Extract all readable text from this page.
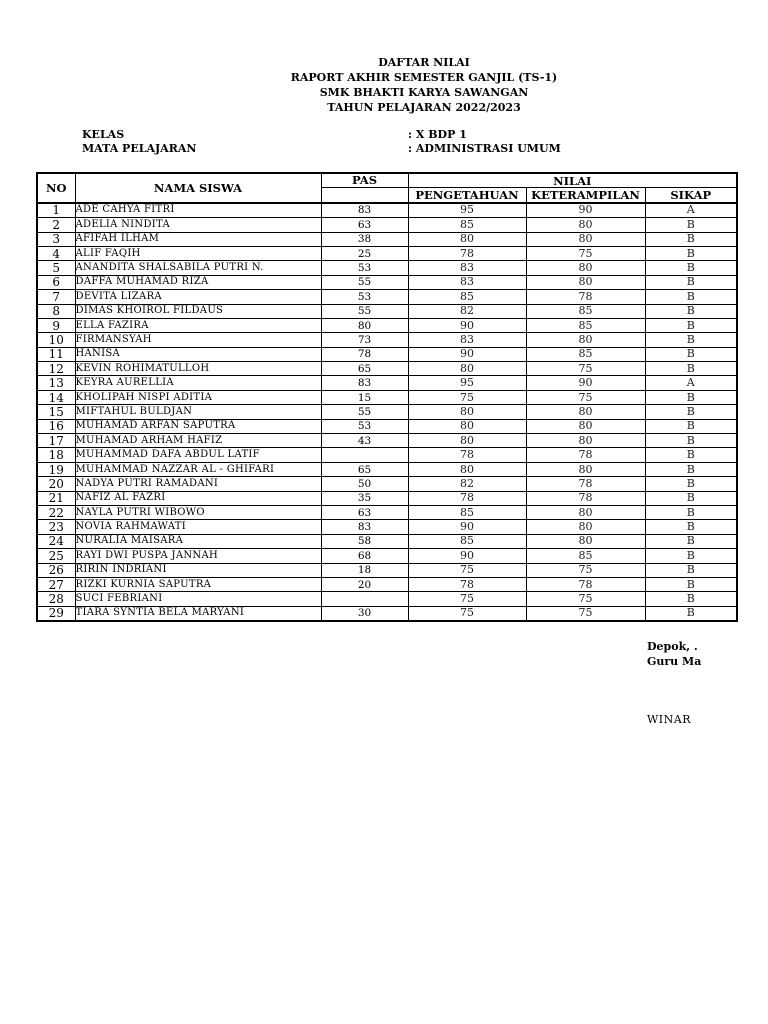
DAFTAR NILAI
RAPORT AKHIR SEMESTER GANJIL (TS-1)
SMK BHAKTI KARYA SAWANGAN
TAHUN PELAJARAN 2022/2023
KELAS	: X BDP 1
MATA PELAJARAN	: ADMINISTRASI UMUM
NO	NAMA SISWA	PAS	NILAI		
			PENGETAHUAN	KETERAMPILAN	SIKAP
1	ADE CAHYA FITRI	83	95	90	A
2	ADELIA NINDITA	63	85	80	B
3	AFIFAH ILHAM	38	80	80	B
4	ALIF FAQIH	25	78	75	B
5	ANANDITA SHALSABILA PUTRI N.	53	83	80	B
6	DAFFA MUHAMAD RIZA	55	83	80	B
7	DEVITA LIZARA	53	85	78	B
8	DIMAS KHOIROL FILDAUS	55	82	85	B
9	ELLA FAZIRA	80	90	85	B
10	FIRMANSYAH	73	83	80	B
11	HANISA	78	90	85	B
12	KEVIN ROHIMATULLOH	65	80	75	B
13	KEYRA AURELLIA	83	95	90	A
14	KHOLIPAH NISPI ADITIA	15	75	75	B
15	MIFTAHUL BULDJAN	55	80	80	B
16	MUHAMAD ARFAN SAPUTRA	53	80	80	B
17	MUHAMAD ARHAM HAFIZ	43	80	80	B
18	MUHAMMAD DAFA ABDUL LATIF		78	78	B
19	MUHAMMAD NAZZAR AL - GHIFARI	65	80	80	B
20	NADYA PUTRI RAMADANI	50	82	78	B
21	NAFIZ AL FAZRI	35	78	78	B
22	NAYLA PUTRI WIBOWO	63	85	80	B
23	NOVIA RAHMAWATI	83	90	80	B
24	NURALIA MAISARA	58	85	80	B
25	RAYI DWI PUSPA JANNAH	68	90	85	B
26	RIRIN INDRIANI	18	75	75	B
27	RIZKI KURNIA SAPUTRA	20	78	78	B
28	SUCI FEBRIANI		75	75	B
29	TIARA SYNTIA BELA MARYANI	30	75	75	B
Depok, .
Guru Ma
WINAR
